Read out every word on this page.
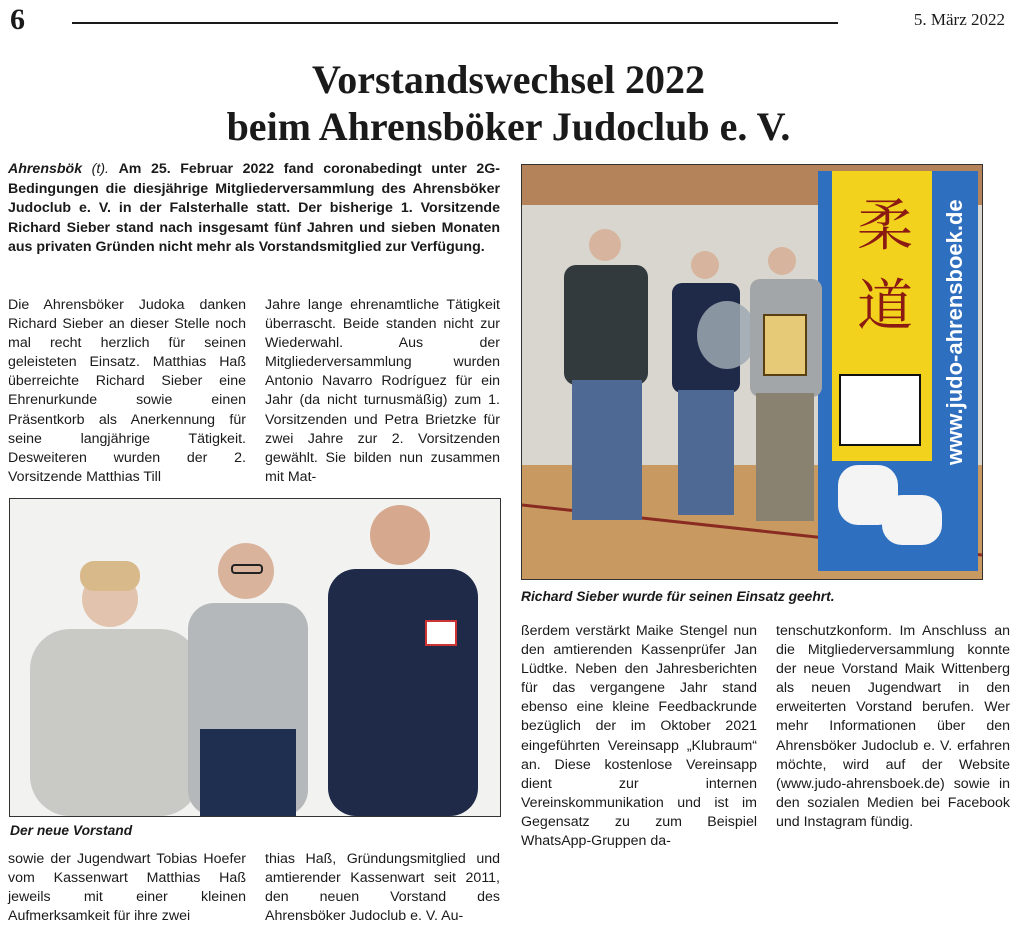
6	5. März 2022
Vorstandswechsel 2022
beim Ahrensböker Judoclub e. V.
Ahrensbök (t). Am 25. Februar 2022 fand coronabedingt unter 2G-Bedingungen die diesjährige Mitgliederversammlung des Ahrensböker Judoclub e. V. in der Falsterhalle statt. Der bisherige 1. Vorsitzende Richard Sieber stand nach insgesamt fünf Jahren und sieben Monaten aus privaten Gründen nicht mehr als Vorstandsmitglied zur Verfügung.
Die Ahrensböker Judoka danken Richard Sieber an dieser Stelle noch mal recht herzlich für seinen geleisteten Einsatz. Matthias Haß überreichte Richard Sieber eine Ehrenurkunde sowie einen Präsentkorb als Anerkennung für seine langjährige Tätigkeit. Desweiteren wurden der 2. Vorsitzende Matthias Till
Jahre lange ehrenamtliche Tätigkeit überrascht. Beide standen nicht zur Wiederwahl. Aus der Mitgliederversammlung wurden Antonio Navarro Rodríguez für ein Jahr (da nicht turnusmäßig) zum 1. Vorsitzenden und Petra Brietzke für zwei Jahre zur 2. Vorsitzenden gewählt. Sie bilden nun zusammen mit Mat-
柔
道 www.judo-ahrensboek.de
Richard Sieber wurde für seinen Einsatz geehrt.
Der neue Vorstand
sowie der Jugendwart Tobias Hoefer vom Kassenwart Matthias Haß jeweils mit einer kleinen Aufmerksamkeit für ihre zwei
thias Haß, Gründungsmitglied und amtierender Kassenwart seit 2011, den neuen Vorstand des Ahrensböker Judoclub e. V. Au-
ßerdem verstärkt Maike Stengel nun den amtierenden Kassenprüfer Jan Lüdtke. Neben den Jahresberichten für das vergangene Jahr stand ebenso eine kleine Feedbackrunde bezüglich der im Oktober 2021 eingeführten Vereinsapp „Klubraum“ an. Diese kostenlose Vereinsapp dient zur internen Vereinskommunikation und ist im Gegensatz zu zum Beispiel WhatsApp-Gruppen da-
tenschutzkonform. Im Anschluss an die Mitgliederversammlung konnte der neue Vorstand Maik Wittenberg als neuen Jugendwart in den erweiterten Vorstand berufen. Wer mehr Informationen über den Ahrensböker Judoclub e. V. erfahren möchte, wird auf der Website (www.judo-ahrensboek.de) sowie in den sozialen Medien bei Facebook und Instagram fündig.
